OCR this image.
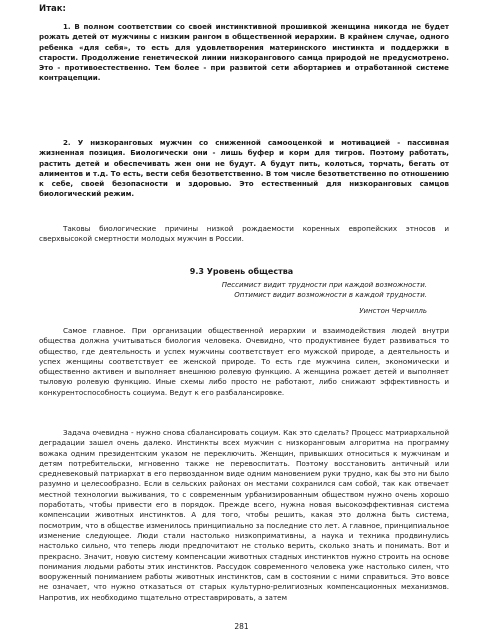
Итак:
1. В полном соответствии со своей инстинктивной прошивкой женщина никогда не будет рожать детей от мужчины с низким рангом в общественной иерархии. В крайнем случае, одного ребенка «для себя», то есть для удовлетворения материнского инстинкта и поддержки в старости. Продолжение генетической линии низкорангового самца природой не предусмотрено. Это - противоестественно. Тем более - при развитой сети абортариев и отработанной системе контрацепции.
2. У низкоранговых мужчин со сниженной самооценкой и мотивацией - пассивная жизненная позиция. Биологически они - лишь буфер и корм для тигров. Поэтому работать, растить детей и обеспечивать жен они не будут. А будут пить, колоться, торчать, бегать от алиментов и т.д. То есть, вести себя безответственно. В том числе безответственно по отношению к себе, своей безопасности и здоровью. Это естественный для низкоранговых самцов биологический режим.
Таковы биологические причины низкой рождаемости коренных европейских этносов и сверхвысокой смертности молодых мужчин в России.
9.3 Уровень общества
Пессимист видит трудности при каждой возможности.
Оптимист видит возможности в каждой трудности.
Уинстон Черчилль
Самое главное. При организации общественной иерархии и взаимодействия людей внутри общества должна учитываться биология человека. Очевидно, что продуктивнее будет развиваться то общество, где деятельность и успех мужчины соответствует его мужской природе, а деятельность и успех женщины соответствует ее женской природе. То есть где мужчина силен, экономически и общественно активен и выполняет внешнюю ролевую функцию. А женщина рожает детей и выполняет тыловую ролевую функцию. Иные схемы либо просто не работают, либо снижают эффективность и конкурентоспособность социума. Ведут к его разбалансировке.
Задача очевидна - нужно снова сбалансировать социум. Как это сделать? Процесс матриархальной деградации зашел очень далеко. Инстинкты всех мужчин с низкоранговым алгоритма на программу вожака одним президентским указом не переключить. Женщин, привыкших относиться к мужчинам и детям потребительски, мгновенно также не перевоспитать. Поэтому восстановить античный или средневековый патриархат в его первозданном виде одним мановением руки трудно, как бы это ни было разумно и целесообразно. Если в сельских районах он местами сохранился сам собой, так как отвечает местной технологии выживания, то с современным урбанизированным обществом нужно очень хорошо поработать, чтобы привести его в порядок. Прежде всего, нужна новая высокоэффективная система компенсации животных инстинктов. А для того, чтобы решить, какая это должна быть система, посмотрим, что в обществе изменилось принципиально за последние сто лет. А главное, принципиальное изменение следующее. Люди стали настолько низкопримативны, а наука и техника продвинулись настолько сильно, что теперь люди предпочитают не столько верить, сколько знать и понимать. Вот и прекрасно. Значит, новую систему компенсации животных стадных инстинктов нужно строить на основе понимания людьми работы этих инстинктов. Рассудок современного человека уже настолько силен, что вооруженный пониманием работы животных инстинктов, сам в состоянии с ними справиться. Это вовсе не означает, что нужно отказаться от старых культурно-религиозных компенсационных механизмов. Напротив, их необходимо тщательно отреставрировать, а затем
281
